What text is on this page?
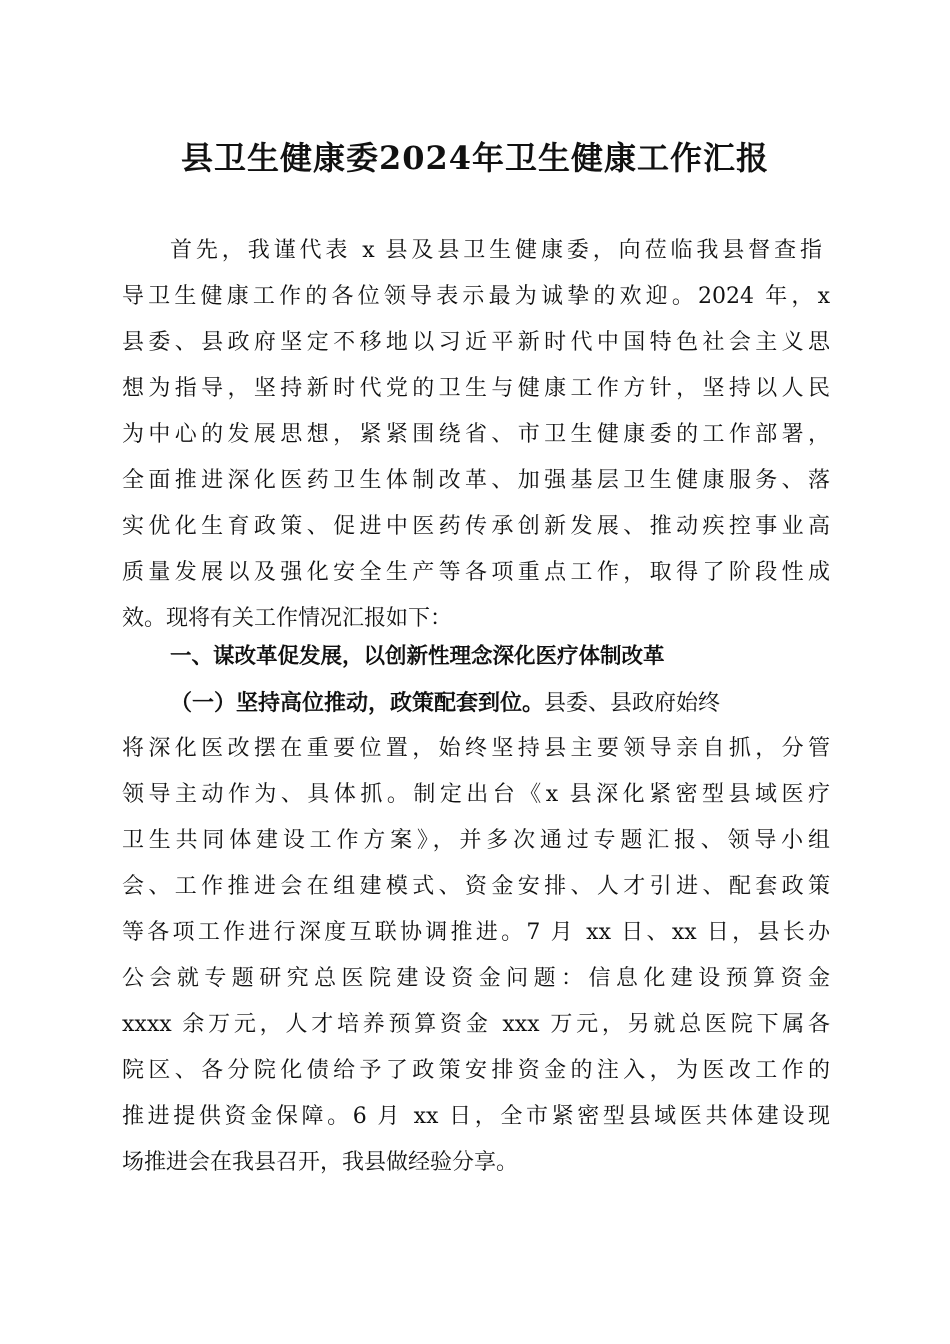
县卫生健康委2024年卫生健康工作汇报
首先，我谨代表 x 县及县卫生健康委，向莅临我县督查指
导卫生健康工作的各位领导表示最为诚挚的欢迎。2024 年，x
县委、县政府坚定不移地以习近平新时代中国特色社会主义思
想为指导，坚持新时代党的卫生与健康工作方针，坚持以人民
为中心的发展思想，紧紧围绕省、市卫生健康委的工作部署，
全面推进深化医药卫生体制改革、加强基层卫生健康服务、落
实优化生育政策、促进中医药传承创新发展、推动疾控事业高
质量发展以及强化安全生产等各项重点工作，取得了阶段性成
效。现将有关工作情况汇报如下：
一、谋改革促发展，以创新性理念深化医疗体制改革
（一）坚持高位推动，政策配套到位。县委、县政府始终
将深化医改摆在重要位置，始终坚持县主要领导亲自抓，分管
领导主动作为、具体抓。制定出台《x 县深化紧密型县域医疗
卫生共同体建设工作方案》，并多次通过专题汇报、领导小组
会、工作推进会在组建模式、资金安排、人才引进、配套政策
等各项工作进行深度互联协调推进。7 月 xx 日、xx 日，县长办
公会就专题研究总医院建设资金问题：信息化建设预算资金
xxxx 余万元，人才培养预算资金 xxx 万元，另就总医院下属各
院区、各分院化债给予了政策安排资金的注入，为医改工作的
推进提供资金保障。6 月 xx 日，全市紧密型县域医共体建设现
场推进会在我县召开，我县做经验分享。
